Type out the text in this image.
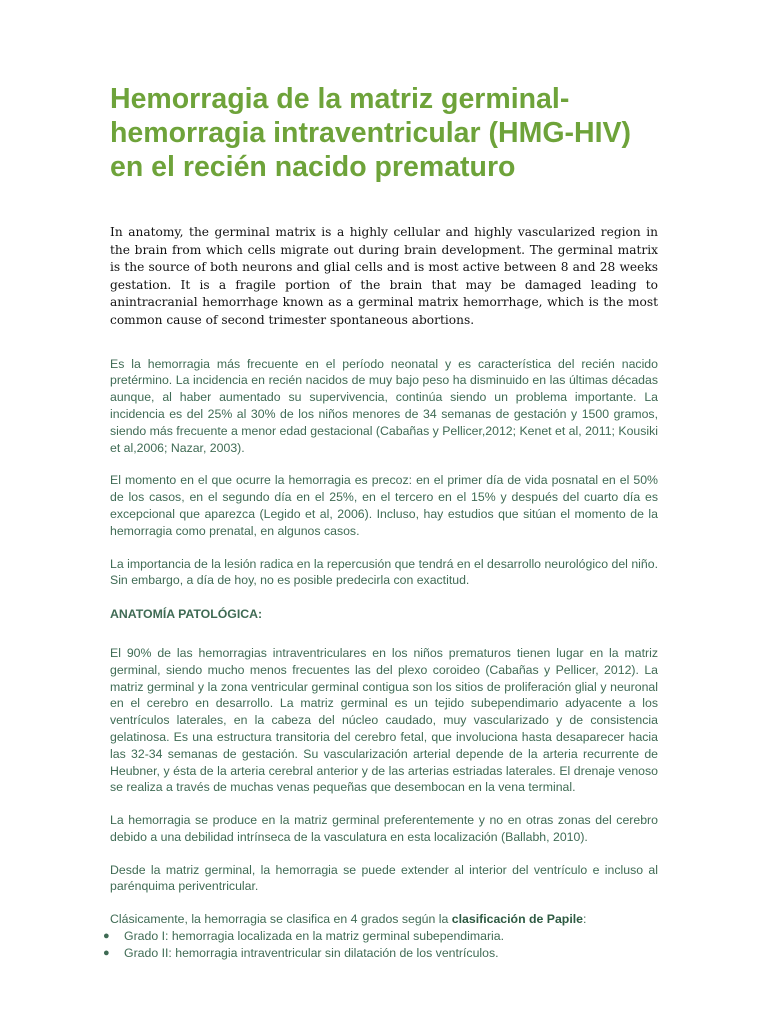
Hemorragia de la matriz germinal-hemorragia intraventricular (HMG-HIV) en el recién nacido prematuro

In anatomy, the germinal matrix is a highly cellular and highly vascularized region in the brain from which cells migrate out during brain development. The germinal matrix is the source of both neurons and glial cells and is most active between 8 and 28 weeks gestation. It is a fragile portion of the brain that may be damaged leading to anintracranial hemorrhage known as a germinal matrix hemorrhage, which is the most common cause of second trimester spontaneous abortions.

Es la hemorragia más frecuente en el período neonatal y es característica del recién nacido pretérmino. La incidencia en recién nacidos de muy bajo peso ha disminuido en las últimas décadas aunque, al haber aumentado su supervivencia, continúa siendo un problema importante. La incidencia es del 25% al 30% de los niños menores de 34 semanas de gestación y 1500 gramos, siendo más frecuente a menor edad gestacional (Cabañas y Pellicer,2012; Kenet et al, 2011; Kousiki et al,2006; Nazar, 2003).

El momento en el que ocurre la hemorragia es precoz: en el primer día de vida posnatal en el 50% de los casos, en el segundo día en el 25%, en el tercero en el 15% y después del cuarto día es excepcional que aparezca (Legido et al, 2006). Incluso, hay estudios que sitúan el momento de la hemorragia como prenatal, en algunos casos.

La importancia de la lesión radica en la repercusión que tendrá en el desarrollo neurológico del niño. Sin embargo, a día de hoy, no es posible predecirla con exactitud.

ANATOMÍA PATOLÓGICA:

El 90% de las hemorragias intraventriculares en los niños prematuros tienen lugar en la matriz germinal, siendo mucho menos frecuentes las del plexo coroideo (Cabañas y Pellicer, 2012). La matriz germinal y la zona ventricular germinal contigua son los sitios de proliferación glial y neuronal en el cerebro en desarrollo. La matriz germinal es un tejido subependimario adyacente a los ventrículos laterales, en la cabeza del núcleo caudado, muy vascularizado y de consistencia gelatinosa. Es una estructura transitoria del cerebro fetal, que involuciona hasta desaparecer hacia las 32-34 semanas de gestación. Su vascularización arterial depende de la arteria recurrente de Heubner, y ésta de la arteria cerebral anterior y de las arterias estriadas laterales. El drenaje venoso se realiza a través de muchas venas pequeñas que desembocan en la vena terminal.

La hemorragia se produce en la matriz germinal preferentemente y no en otras zonas del cerebro debido a una debilidad intrínseca de la vasculatura en esta localización (Ballabh, 2010).

Desde la matriz germinal, la hemorragia se puede extender al interior del ventrículo e incluso al parénquima periventricular.

Clásicamente, la hemorragia se clasifica en 4 grados según la clasificación de Papile:

● Grado I: hemorragia localizada en la matriz germinal subependimaria.
● Grado II: hemorragia intraventricular sin dilatación de los ventrículos.
